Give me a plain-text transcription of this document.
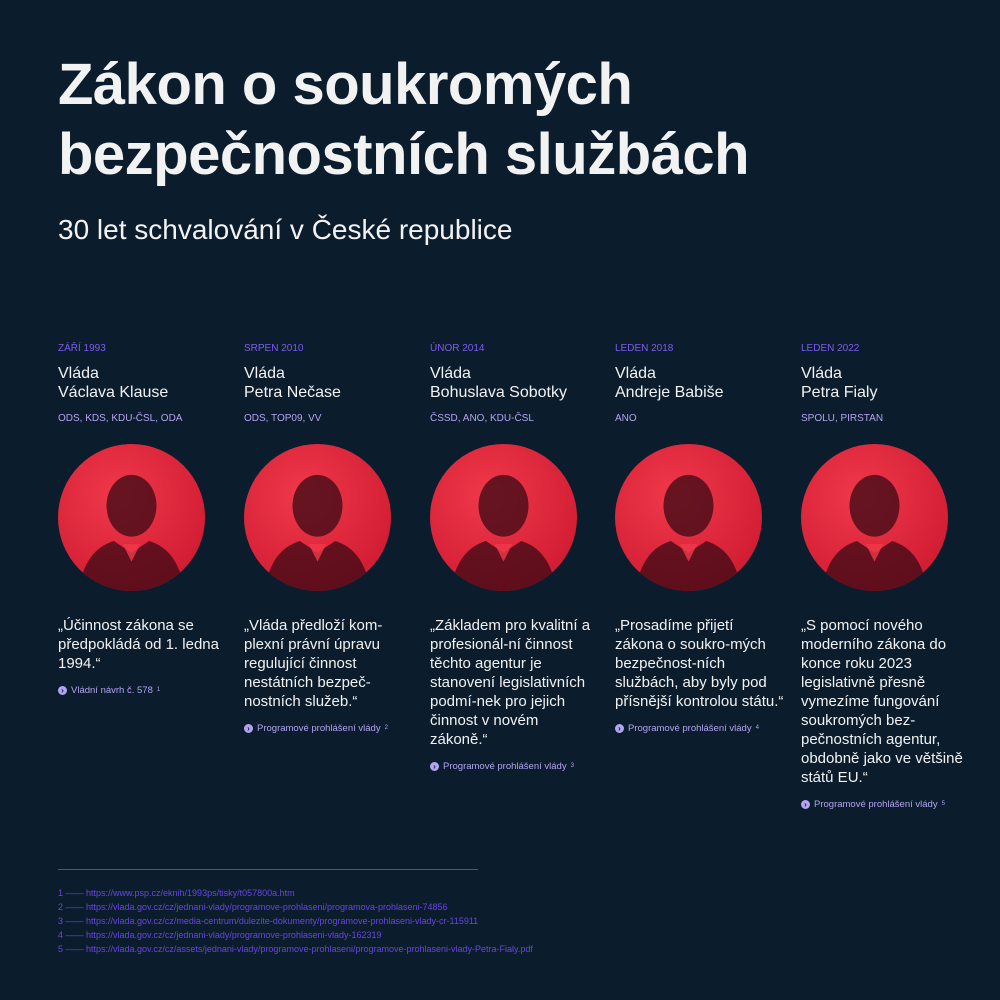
Zákon o soukromých bezpečnostních službách
30 let schvalování v České republice
ZÁŘÍ 1993
Vláda
Václava Klause
ODS, KDS, KDU-ČSL, ODA
„Účinnost zákona se předpokládá od 1. ledna 1994.“
› Vládní návrh č. 578 1
SRPEN 2010
Vláda
Petra Nečase
ODS, TOP09, VV
„Vláda předloží kom-plexní právní úpravu regulující činnost nestátních bezpeč-nostních služeb.“
› Programové prohlášení vlády 2
ÚNOR 2014
Vláda
Bohuslava Sobotky
ČSSD, ANO, KDU-ČSL
„Základem pro kvalitní a profesionál-ní činnost těchto agentur je stanovení legislativních podmí-nek pro jejich činnost v novém zákoně.“
› Programové prohlášení vlády 3
LEDEN 2018
Vláda
Andreje Babiše
ANO
„Prosadíme přijetí zákona o soukro-mých bezpečnost-ních službách, aby byly pod přísnější kontrolou státu.“
› Programové prohlášení vlády 4
LEDEN 2022
Vláda
Petra Fialy
SPOLU, PIRSTAN
„S pomocí nového moderního zákona do konce roku 2023 legislativně přesně vymezíme fungování soukromých bez-pečnostních agentur, obdobně jako ve většině států EU.“
› Programové prohlášení vlády 5
1 —— https://www.psp.cz/eknih/1993ps/tisky/t057800a.htm
2 —— https://vlada.gov.cz/cz/jednani-vlady/programove-prohlaseni/programova-prohlaseni-74856
3 —— https://vlada.gov.cz/cz/media-centrum/dulezite-dokumenty/programove-prohlaseni-vlady-cr-115911
4 —— https://vlada.gov.cz/cz/jednani-vlady/programove-prohlaseni-vlady-162319
5 —— https://vlada.gov.cz/cz/assets/jednani-vlady/programove-prohlaseni/programove-prohlaseni-vlady-Petra-Fialy.pdf
